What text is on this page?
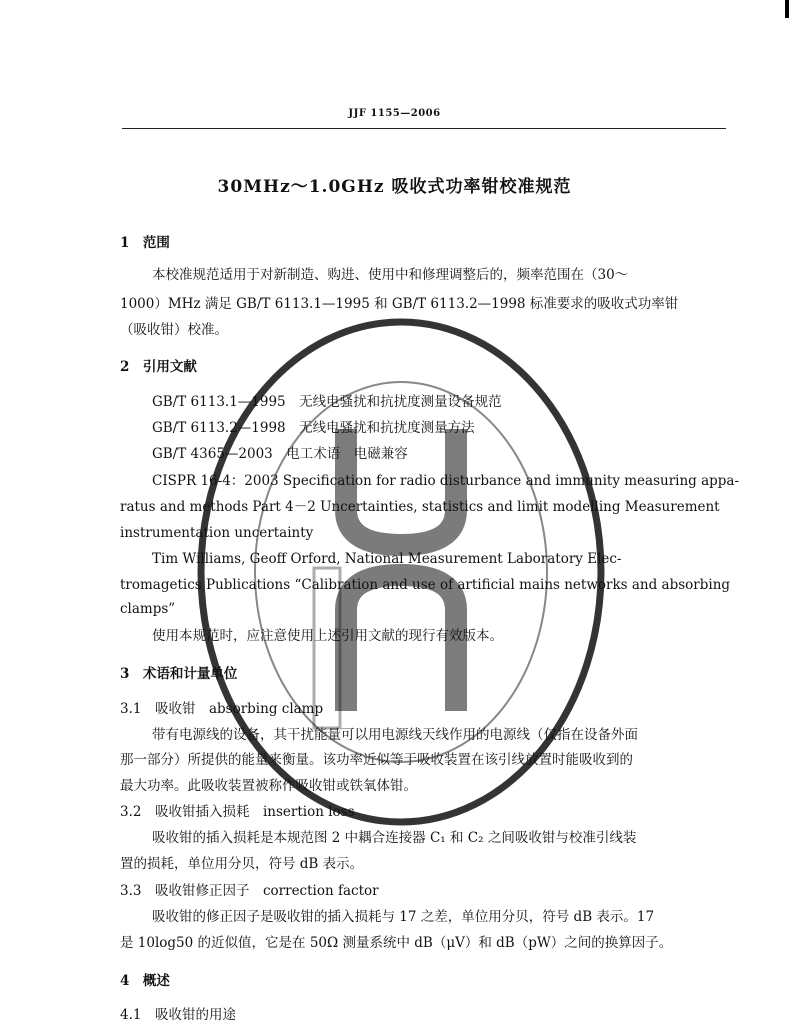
JJF 1155—2006
30MHz～1.0GHz 吸收式功率钳校准规范
1　范围
本校准规范适用于对新制造、购进、使用中和修理调整后的，频率范围在（30～
1000）MHz 满足 GB/T 6113.1—1995 和 GB/T 6113.2—1998 标准要求的吸收式功率钳
（吸收钳）校准。
2　引用文献
GB/T 6113.1—1995　无线电骚扰和抗扰度测量设备规范
GB/T 6113.2—1998　无线电骚扰和抗扰度测量方法
GB/T 4365—2003　电工术语　电磁兼容
CISPR 16-4：2003 Specification for radio disturbance and immunity measuring appa-
ratus and methods Part 4－2 Uncertainties, statistics and limit modelling Measurement
instrumentation uncertainty
Tim Williams, Geoff Orford, National Measurement Laboratory Elec-
tromagetics Publications “Calibration and use of artificial mains networks and absorbing
clamps”
使用本规范时，应注意使用上述引用文献的现行有效版本。
3　术语和计量单位
3.1　吸收钳　absorbing clamp
带有电源线的设备，其干扰能量可以用电源线天线作用的电源线（仅指在设备外面
那一部分）所提供的能量来衡量。该功率近似等于吸收装置在该引线放置时能吸收到的
最大功率。此吸收装置被称作吸收钳或铁氧体钳。
3.2　吸收钳插入损耗　insertion loss
吸收钳的插入损耗是本规范图 2 中耦合连接器 C₁ 和 C₂ 之间吸收钳与校准引线装
置的损耗，单位用分贝，符号 dB 表示。
3.3　吸收钳修正因子　correction factor
吸收钳的修正因子是吸收钳的插入损耗与 17 之差，单位用分贝，符号 dB 表示。17
是 10log50 的近似值，它是在 50Ω 测量系统中 dB（μV）和 dB（pW）之间的换算因子。
4　概述
4.1　吸收钳的用途
